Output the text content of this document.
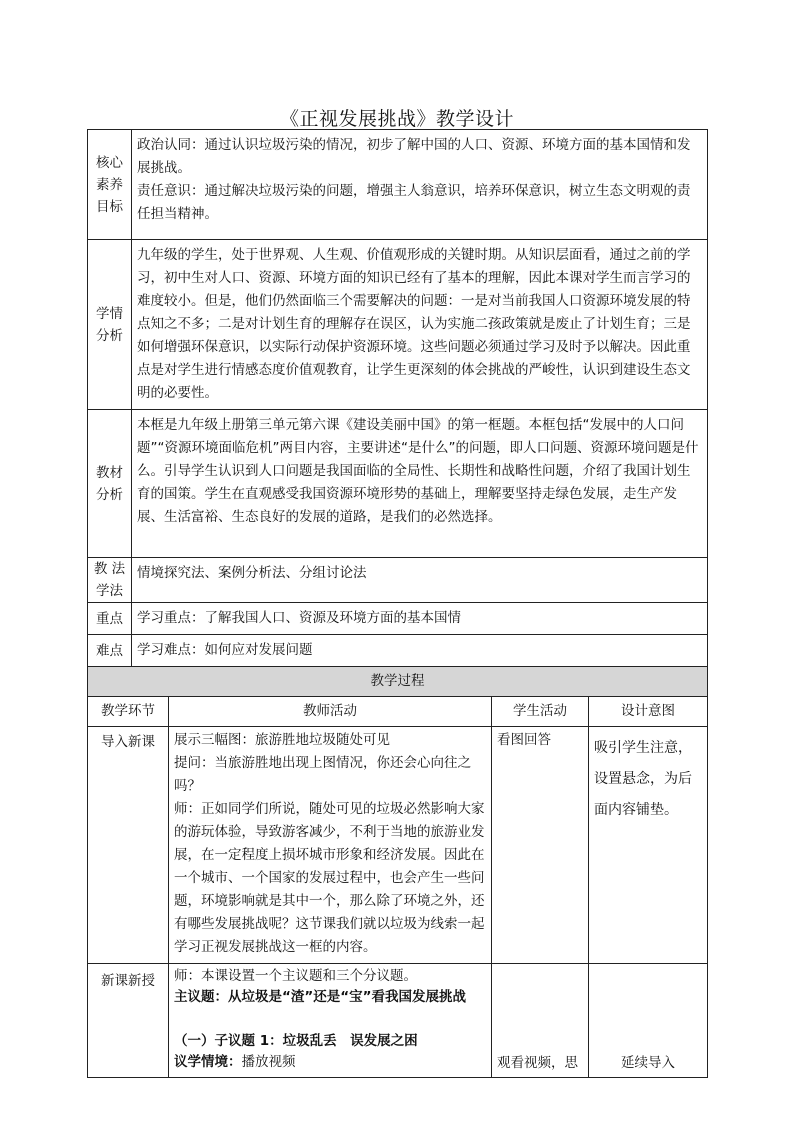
《正视发展挑战》教学设计
核心
素养
目标	政治认同：通过认识垃圾污染的情况，初步了解中国的人口、资源、环境方面的基本国情和发展挑战。
责任意识：通过解决垃圾污染的问题，增强主人翁意识，培养环保意识，树立生态文明观的责任担当精神。			

学情
分析	九年级的学生，处于世界观、人生观、价值观形成的关键时期。从知识层面看，通过之前的学习，初中生对人口、资源、环境方面的知识已经有了基本的理解，因此本课对学生而言学习的难度较小。但是，他们仍然面临三个需要解决的问题：一是对当前我国人口资源环境发展的特点知之不多；二是对计划生育的理解存在误区，认为实施二孩政策就是废止了计划生育；三是如何增强环保意识，以实际行动保护资源环境。这些问题必须通过学习及时予以解决。因此重点是对学生进行情感态度价值观教育，让学生更深刻的体会挑战的严峻性，认识到建设生态文明的必要性。			
教材
分析	本框是九年级上册第三单元第六课《建设美丽中国》的第一框题。本框包括“发展中的人口问题”“资源环境面临危机”两目内容，主要讲述“是什么”的问题，即人口问题、资源环境问题是什么。引导学生认识到人口问题是我国面临的全局性、长期性和战略性问题，介绍了我国计划生育的国策。学生在直观感受我国资源环境形势的基础上，理解要坚持走绿色发展，走生产发展、生活富裕、生态良好的发展的道路，是我们的必然选择。			
教 法
学法	情境探究法、案例分析法、分组讨论法			
重点	学习重点：了解我国人口、资源及环境方面的基本国情			
难点	学习难点：如何应对发展问题			
教学过程				
教学环节		教师活动	学生活动	设计意图
导入新课		展示三幅图：旅游胜地垃圾随处可见
提问：当旅游胜地出现上图情况，你还会心向往之吗？
师：正如同学们所说，随处可见的垃圾必然影响大家的游玩体验，导致游客减少，不利于当地的旅游业发展，在一定程度上损坏城市形象和经济发展。因此在一个城市、一个国家的发展过程中，也会产生一些问题，环境影响就是其中一个，那么除了环境之外，还有哪些发展挑战呢？这节课我们就以垃圾为线索一起学习正视发展挑战这一框的内容。	看图回答	吸引学生注意，设置悬念，为后面内容铺垫。
新课新授		师：本课设置一个主议题和三个分议题。
主议题：从垃圾是“渣”还是“宝”看我国发展挑战
（一）子议题 1：垃圾乱丢　误发展之困
议学情境：播放视频	观看视频，思	延续导入
